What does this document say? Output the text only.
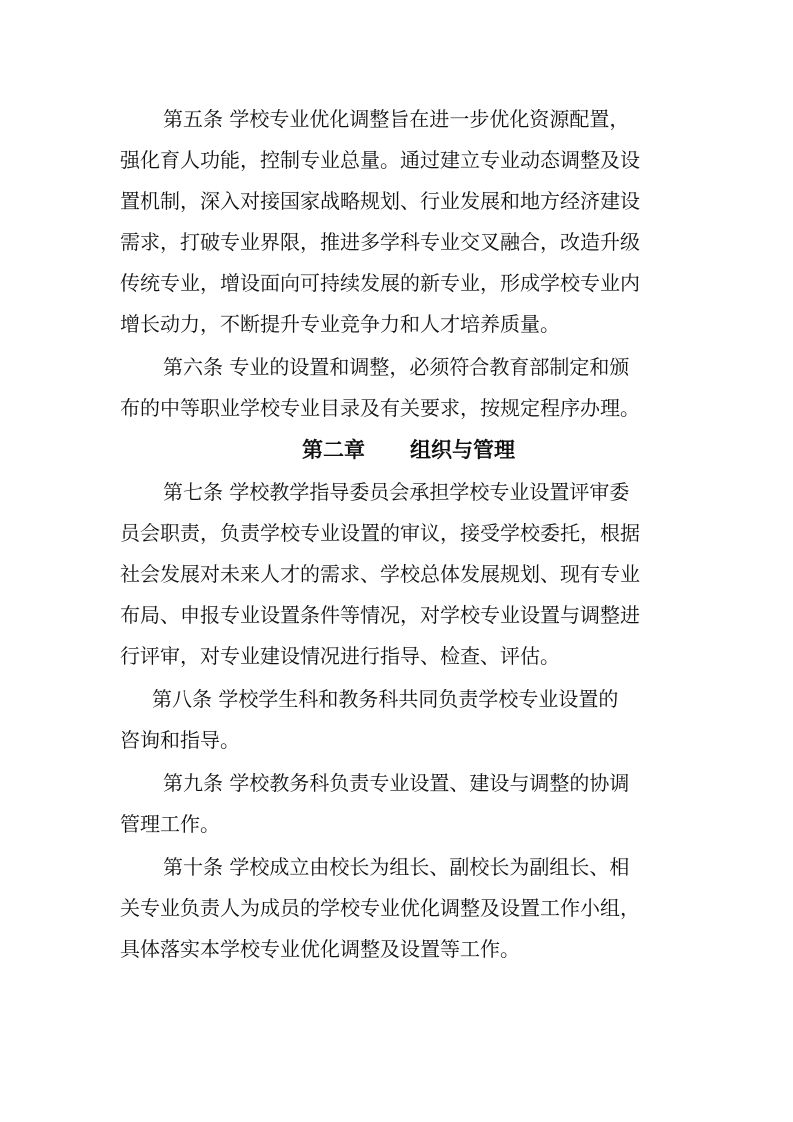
第五条 学校专业优化调整旨在进一步优化资源配置，
强化育人功能，控制专业总量。通过建立专业动态调整及设
置机制，深入对接国家战略规划、行业发展和地方经济建设
需求，打破专业界限，推进多学科专业交叉融合，改造升级
传统专业，增设面向可持续发展的新专业，形成学校专业内
增长动力，不断提升专业竞争力和人才培养质量。
第六条 专业的设置和调整，必须符合教育部制定和颁
布的中等职业学校专业目录及有关要求，按规定程序办理。
第二章	组织与管理
第七条 学校教学指导委员会承担学校专业设置评审委
员会职责，负责学校专业设置的审议，接受学校委托，根据
社会发展对未来人才的需求、学校总体发展规划、现有专业
布局、申报专业设置条件等情况，对学校专业设置与调整进
行评审，对专业建设情况进行指导、检查、评估。
第八条 学校学生科和教务科共同负责学校专业设置的
咨询和指导。
第九条 学校教务科负责专业设置、建设与调整的协调
管理工作。
第十条 学校成立由校长为组长、副校长为副组长、相
关专业负责人为成员的学校专业优化调整及设置工作小组，
具体落实本学校专业优化调整及设置等工作。
